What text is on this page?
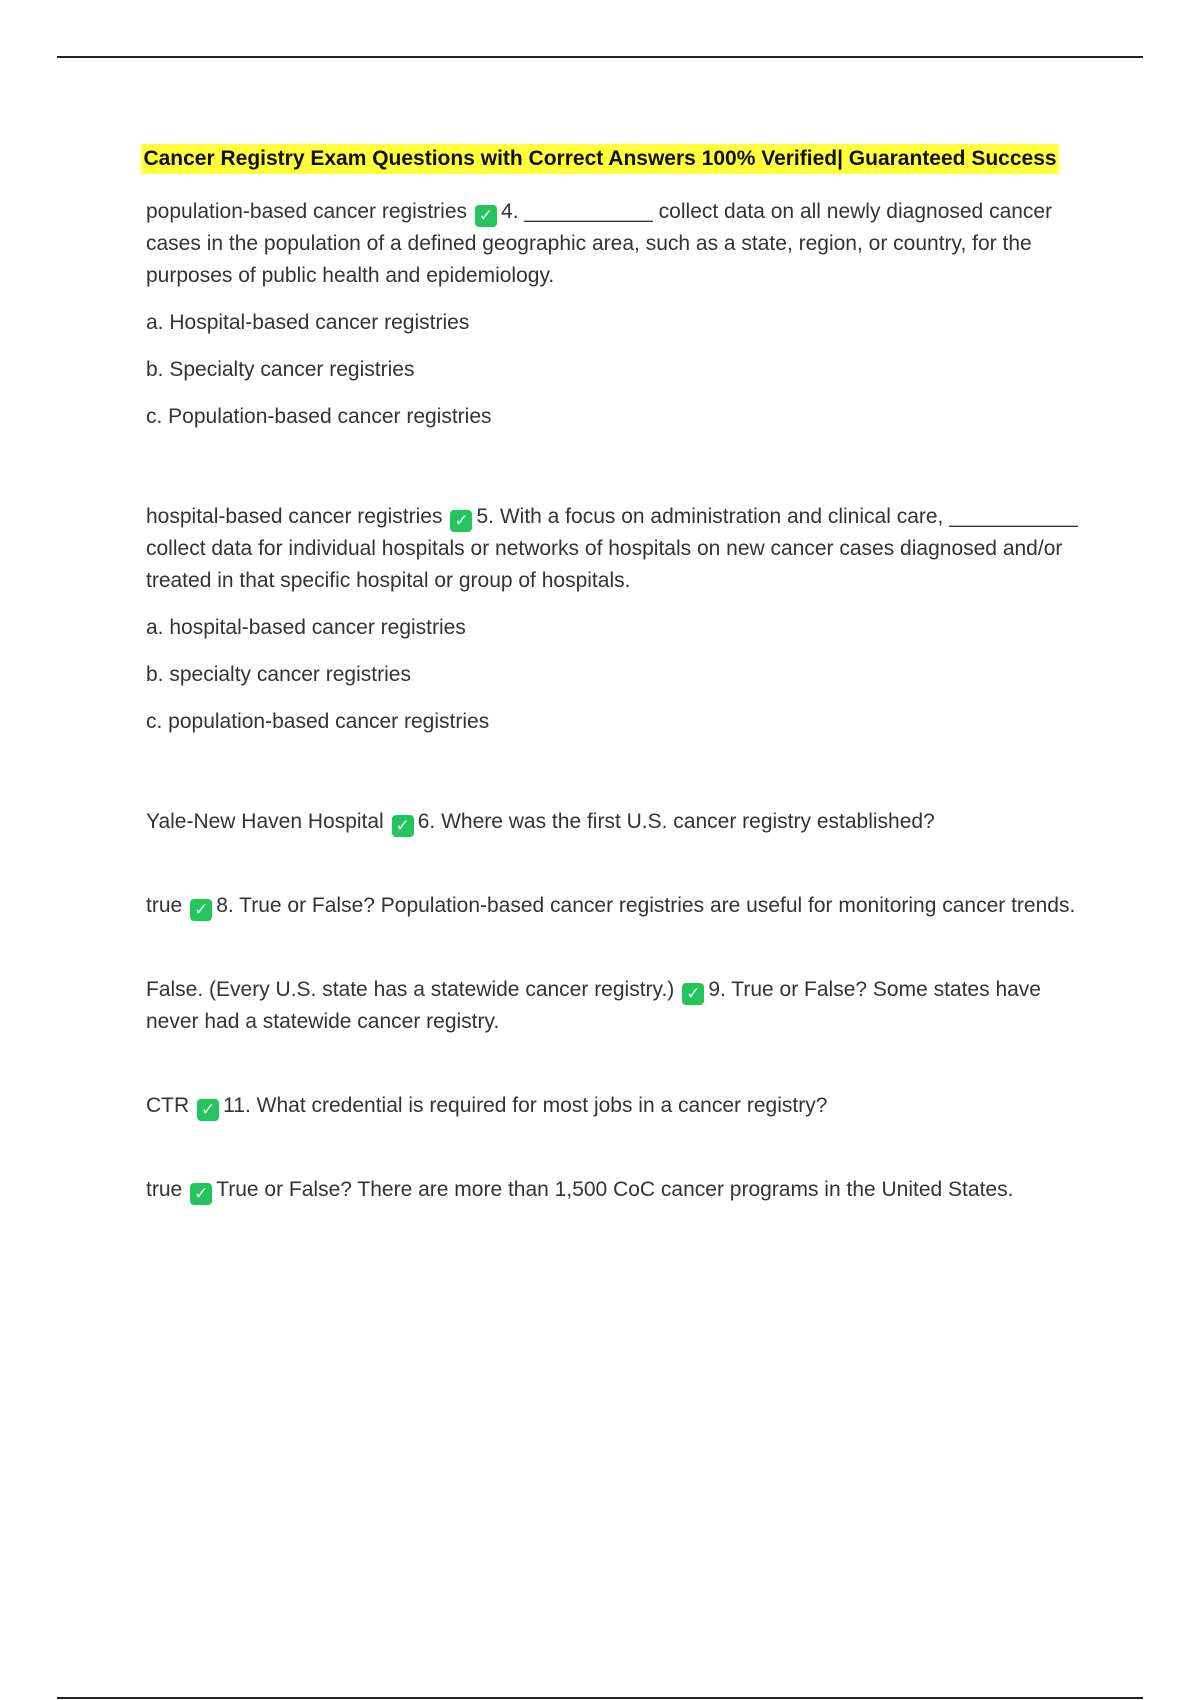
Cancer Registry Exam Questions with Correct Answers 100% Verified| Guaranteed Success

population-based cancer registries ✓ 4. ___________ collect data on all newly diagnosed cancer cases in the population of a defined geographic area, such as a state, region, or country, for the purposes of public health and epidemiology.

a. Hospital-based cancer registries

b. Specialty cancer registries

c. Population-based cancer registries

hospital-based cancer registries ✓ 5. With a focus on administration and clinical care, ___________ collect data for individual hospitals or networks of hospitals on new cancer cases diagnosed and/or treated in that specific hospital or group of hospitals.

a. hospital-based cancer registries

b. specialty cancer registries

c. population-based cancer registries

Yale-New Haven Hospital ✓ 6. Where was the first U.S. cancer registry established?

true ✓ 8. True or False? Population-based cancer registries are useful for monitoring cancer trends.

False. (Every U.S. state has a statewide cancer registry.) ✓ 9. True or False? Some states have never had a statewide cancer registry.

CTR ✓ 11. What credential is required for most jobs in a cancer registry?

true ✓ True or False? There are more than 1,500 CoC cancer programs in the United States.
